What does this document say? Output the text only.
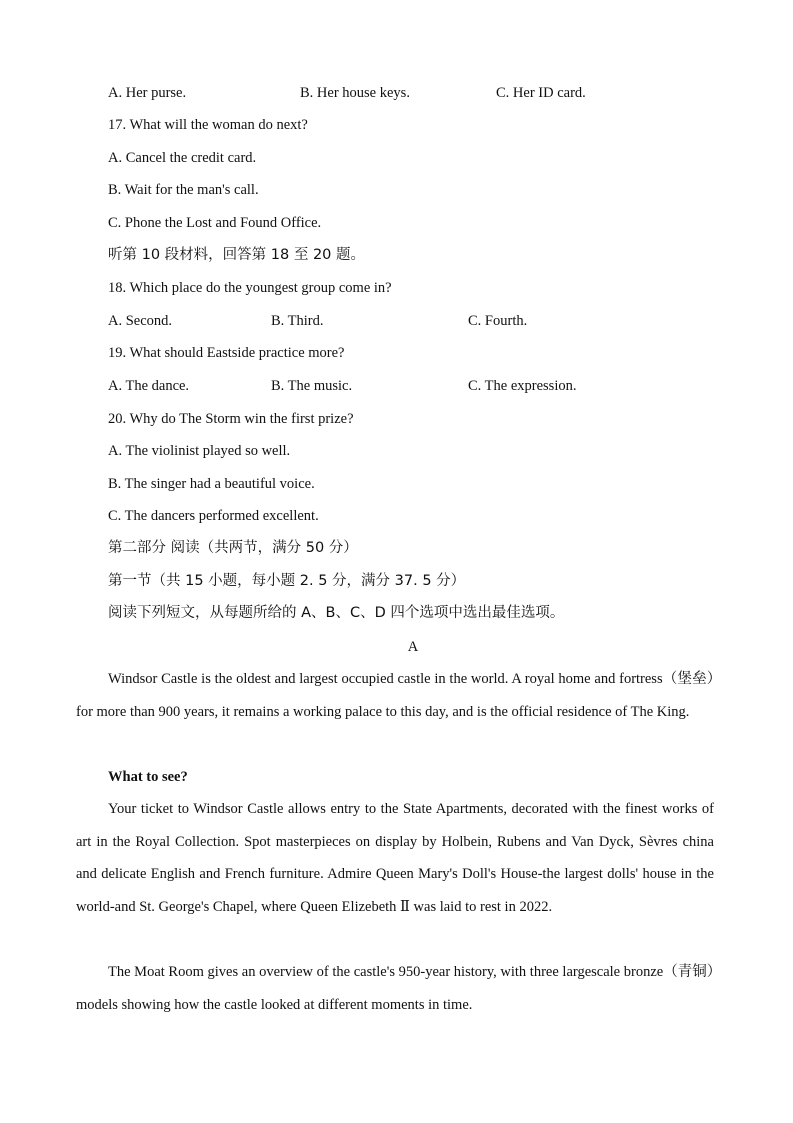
A. Her purse.	B. Her house keys.	C. Her ID card.
17. What will the woman do next?
A. Cancel the credit card.
B. Wait for the man's call.
C. Phone the Lost and Found Office.
听第 10 段材料，回答第 18 至 20 题。
18. Which place do the youngest group come in?
A. Second.	B. Third.	C. Fourth.
19. What should Eastside practice more?
A. The dance.	B. The music.	C. The expression.
20. Why do The Storm win the first prize?
A. The violinist played so well.
B. The singer had a beautiful voice.
C. The dancers performed excellent.
第二部分 阅读（共两节，满分 50 分）
第一节（共 15 小题，每小题 2. 5 分，满分 37. 5 分）
阅读下列短文，从每题所给的 A、B、C、D 四个选项中选出最佳选项。
A

Windsor Castle is the oldest and largest occupied castle in the world. A royal home and fortress（堡垒）for more than 900 years, it remains a working palace to this day, and is the official residence of The King.

What to see?

Your ticket to Windsor Castle allows entry to the State Apartments, decorated with the finest works of art in the Royal Collection. Spot masterpieces on display by Holbein, Rubens and Van Dyck, Sèvres china and delicate English and French furniture. Admire Queen Mary's Doll's House-the largest dolls' house in the world-and St. George's Chapel, where Queen Elizebeth Ⅱ was laid to rest in 2022.

The Moat Room gives an overview of the castle's 950-year history, with three largescale bronze（青铜）models showing how the castle looked at different moments in time.
